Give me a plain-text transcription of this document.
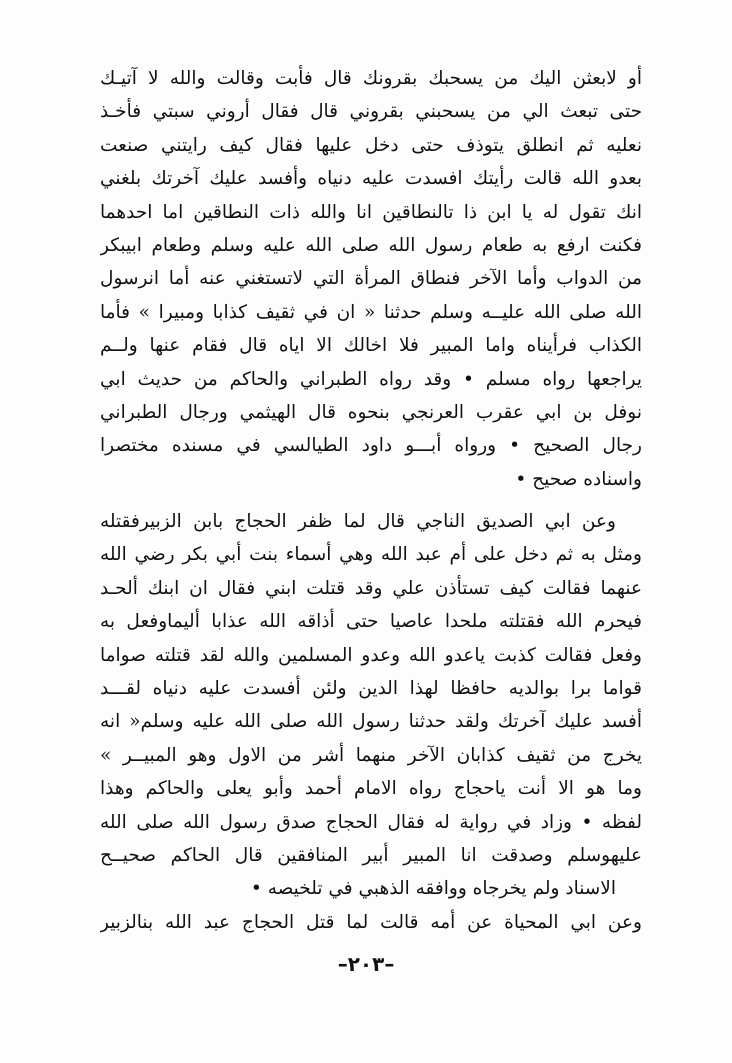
أو لابعثن اليك من يسحبك بقرونك قال فأبت وقالت والله لا آتيـك
حتى تبعث الي من يسحبني بقروني قال فقال أروني سبتي فأخـذ
نعليه ثم انطلق يتوذف حتى دخل عليها فقال كيف رايتني صنعت
بعدو الله قالت رأيتك افسدت عليه دنياه وأفسد عليك آخرتك بلغني
انك تقول له يا ابن ذا تالنطاقين انا والله ذات النطاقين اما احدهما
فكنت ارفع به طعام رسول الله صلى الله عليه وسلم وطعام ابيبكر
من الدواب وأما الآخر فنطاق المرأة التي لاتستغني عنه أما انرسول
الله صلى الله عليــه وسلم حدثنا « ان في ثقيف كذابا ومبيرا » فأما
الكذاب فرأيناه واما المبير فلا اخالك الا اياه قال فقام عنها ولــم
يراجعها رواه مسلم • وقد رواه الطبراني والحاكم من حديث ابي
نوفل بن ابي عقرب العرنجي بنحوه قال الهيثمي ورجال الطبراني
رجال الصحيح • ورواه أبـــو داود الطيالسي في مسنده مختصرا
واسناده صحيح •
وعن ابي الصديق الناجي قال لما ظفر الحجاج بابن الزبيرفقتله
ومثل به ثم دخل على أم عبد الله وهي أسماء بنت أبي بكر رضي الله
عنهما فقالت كيف تستأذن علي وقد قتلت ابني فقال ان ابنك ألحـد
فيحرم الله فقتلته ملحدا عاصيا حتى أذاقه الله عذابا أليماوفعل به
وفعل فقالت كذبت ياعدو الله وعدو المسلمين والله لقد قتلته صواما
قواما برا بوالديه حافظا لهذا الدين ولئن أفسدت عليه دنياه لقـــد
أفسد عليك آخرتك ولقد حدثنا رسول الله صلى الله عليه وسلم« انه
يخرج من ثقيف كذابان الآخر منهما أشر من الاول وهو المبيــر »
وما هو الا أنت ياحجاج رواه الامام أحمد وأبو يعلى والحاكم وهذا
لفظه • وزاد في رواية له فقال الحجاج صدق رسول الله صلى الله
عليهوسلم وصدقت انا المبير أبير المنافقين قال الحاكم صحيــح
الاسناد ولم يخرجاه ووافقه الذهبي في تلخيصه •
وعن ابي المحياة عن أمه قالت لما قتل الحجاج عبد الله بنالزبير
–٢٠٣–
